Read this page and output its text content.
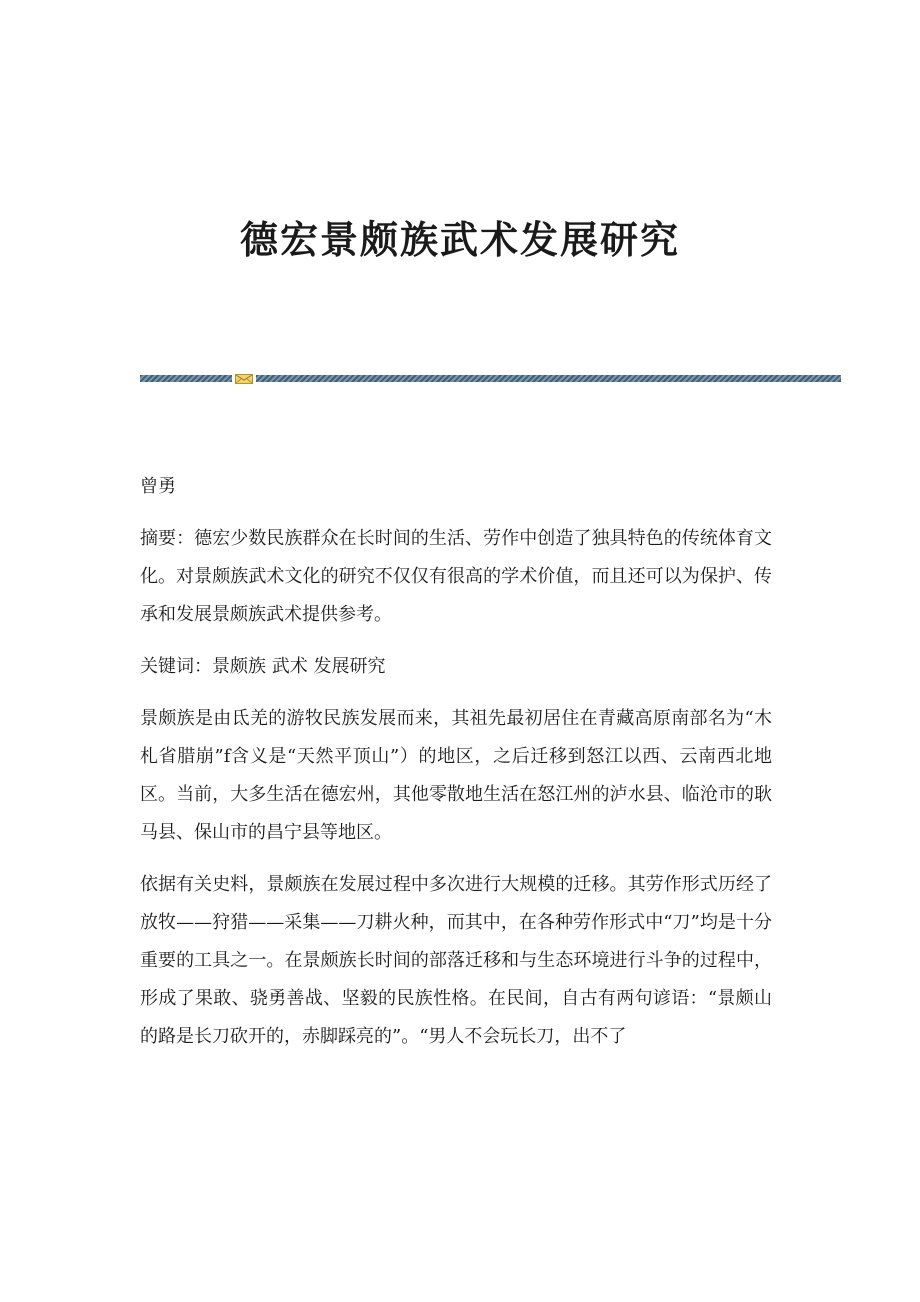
德宏景颇族武术发展研究

曾勇

摘要：德宏少数民族群众在长时间的生活、劳作中创造了独具特色的传统体育文化。对景颇族武术文化的研究不仅仅有很高的学术价值，而且还可以为保护、传承和发展景颇族武术提供参考。

关键词：景颇族 武术 发展研究

景颇族是由氐羌的游牧民族发展而来，其祖先最初居住在青藏高原南部名为“木札省腊崩”f含义是“天然平顶山”）的地区，之后迁移到怒江以西、云南西北地区。当前，大多生活在德宏州，其他零散地生活在怒江州的泸水县、临沧市的耿马县、保山市的昌宁县等地区。

依据有关史料，景颇族在发展过程中多次进行大规模的迁移。其劳作形式历经了放牧——狩猎——采集——刀耕火种，而其中，在各种劳作形式中“刀”均是十分重要的工具之一。在景颇族长时间的部落迁移和与生态环境进行斗争的过程中，形成了果敢、骁勇善战、坚毅的民族性格。在民间，自古有两句谚语：“景颇山的路是长刀砍开的，赤脚踩亮的”。“男人不会玩长刀，出不了
